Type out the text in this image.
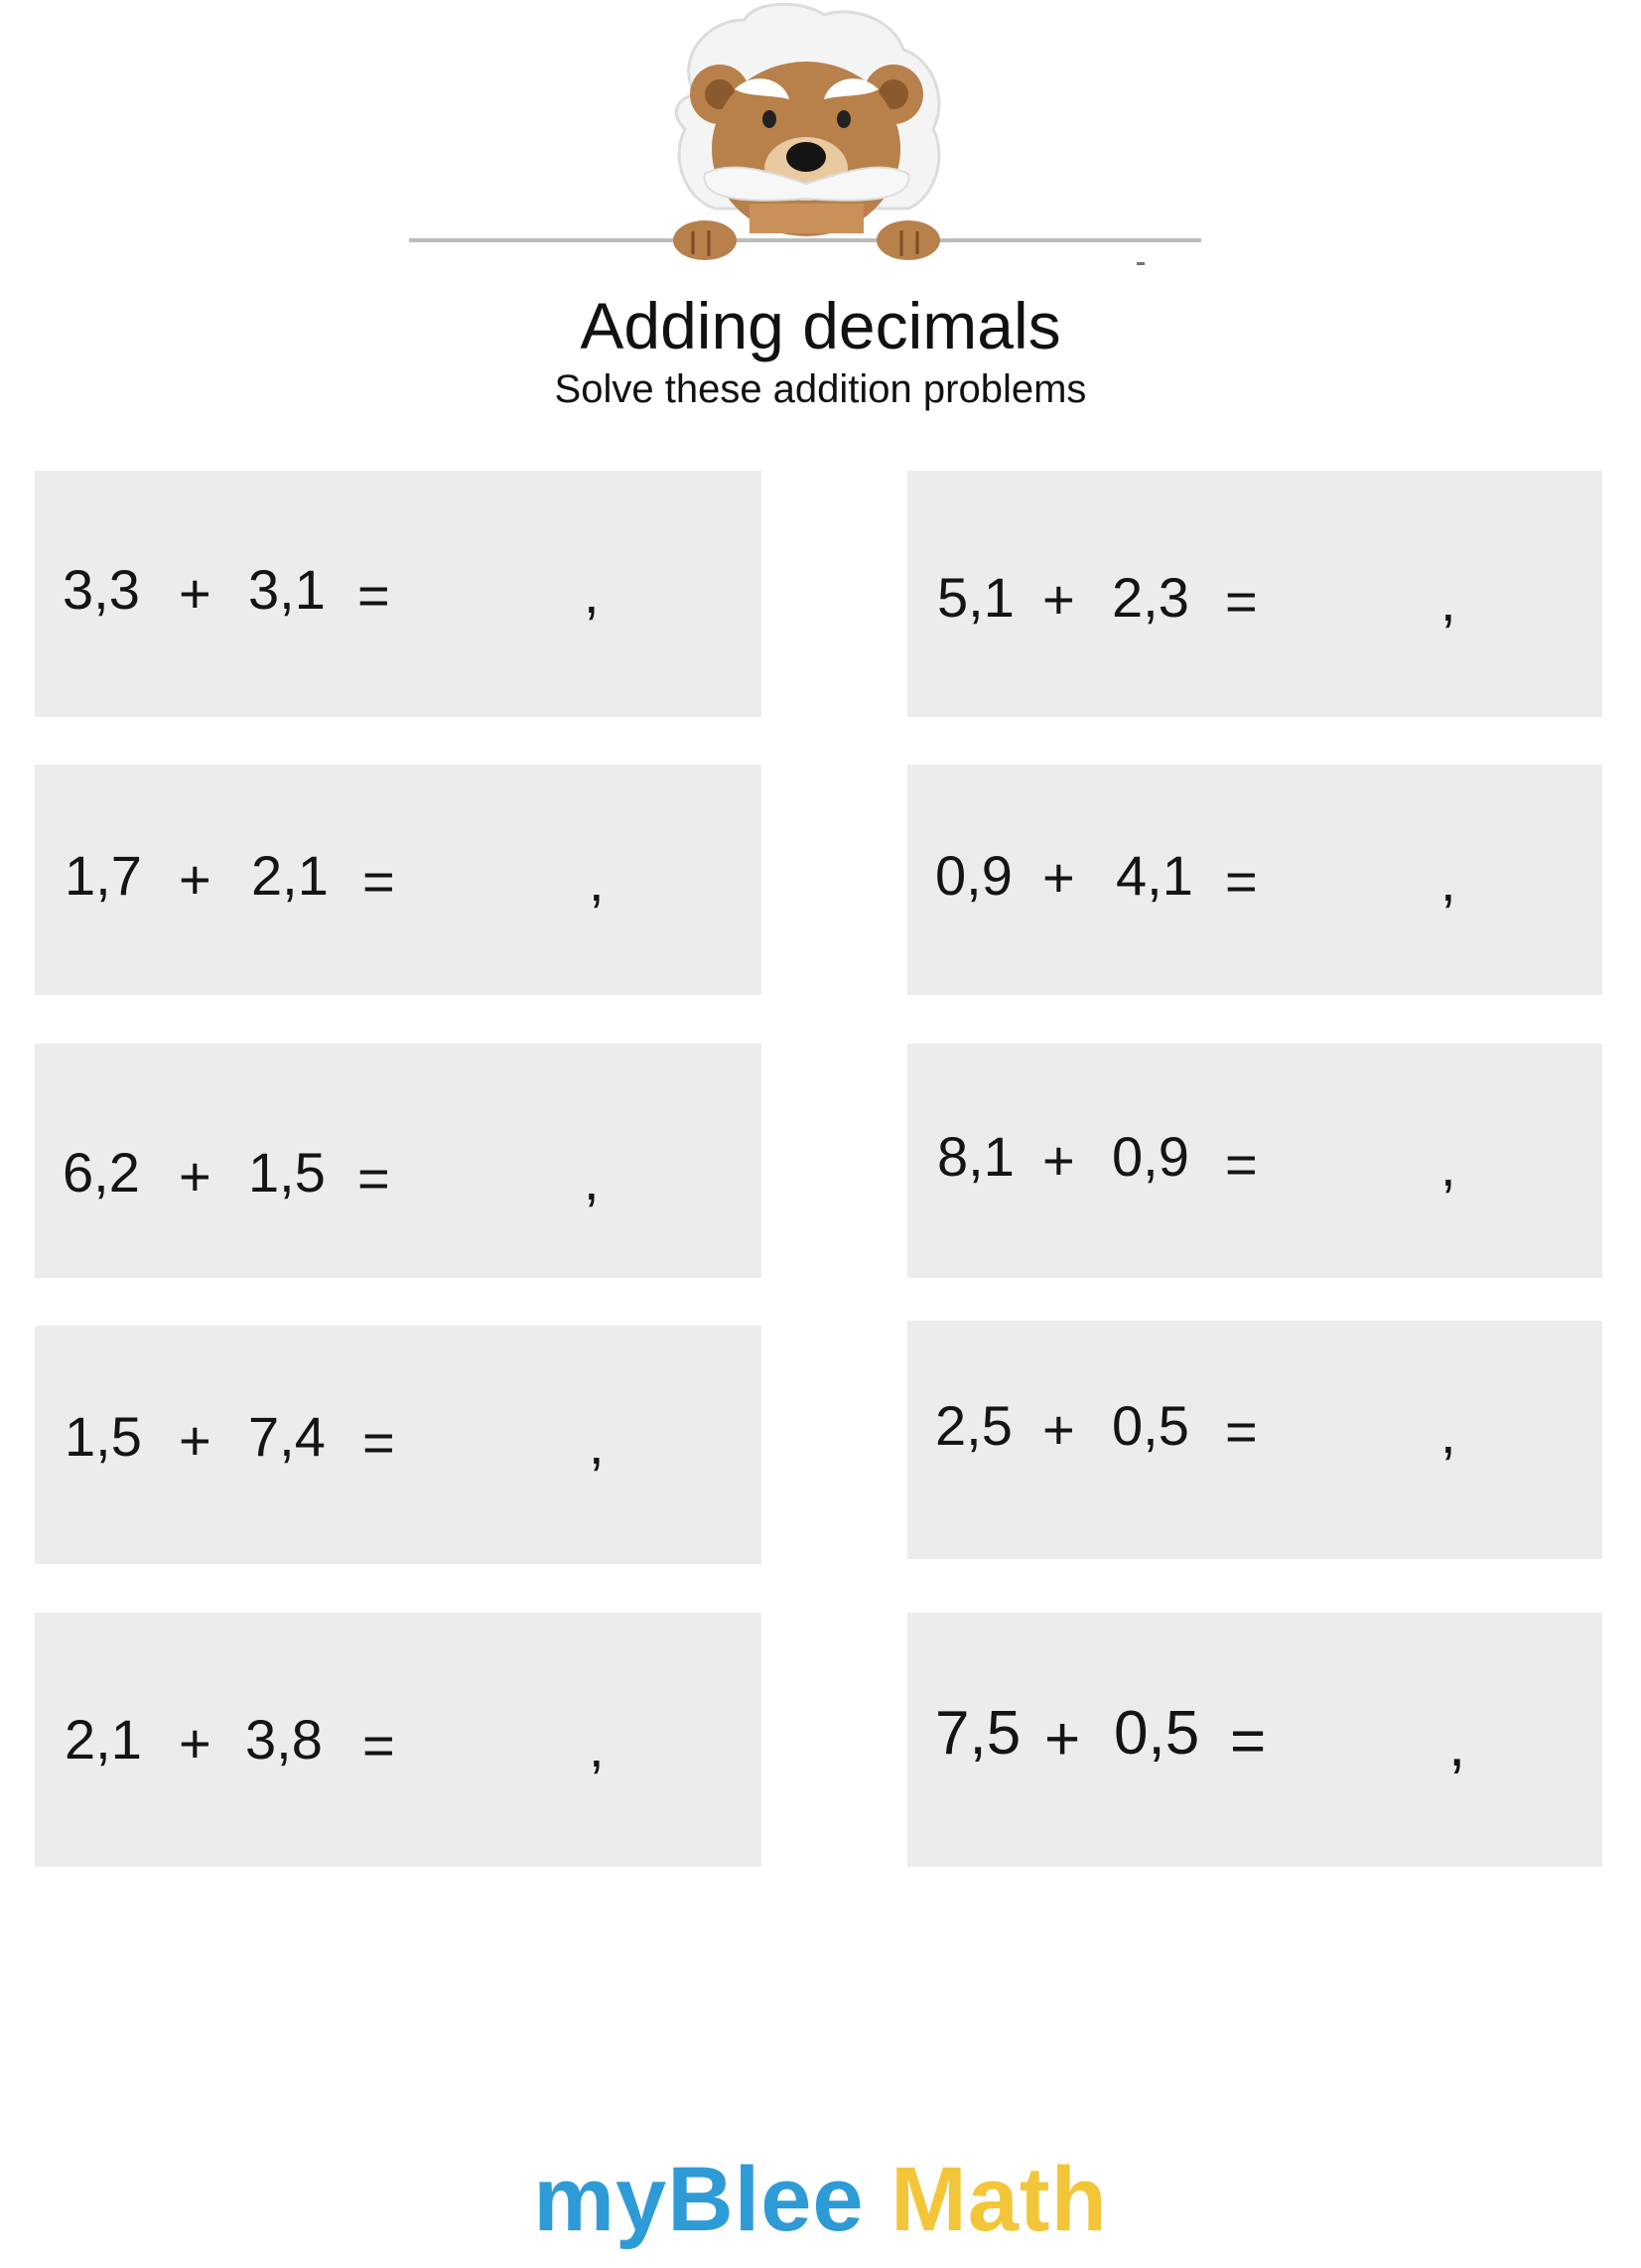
Adding decimals
Solve these addition problems
3,3 + 3,1 =	,
1,7 + 2,1 =	,
6,2 + 1,5 =	,
1,5 + 7,4 =	,
2,1 + 3,8 =	,
5,1 + 2,3 =	,
0,9 + 4,1 =	,
8,1 + 0,9 =	,
2,5 + 0,5 =	,
7,5 + 0,5 =	,
myBlee Math
